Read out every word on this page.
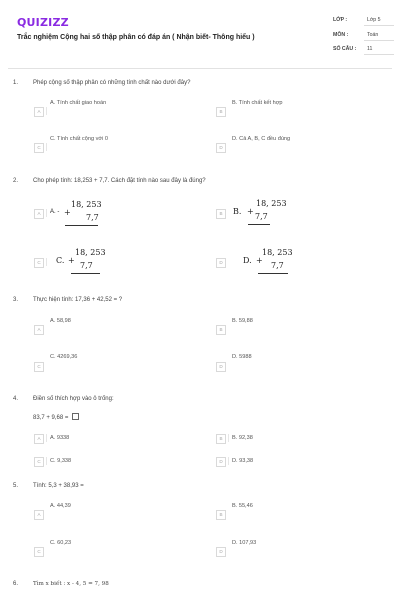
QUIZIZZ
Trắc nghiệm Cộng hai số thập phân có đáp án ( Nhận biết- Thông hiểu )
LỚP :	Lớp 5
MÔN :	Toán
SỐ CÂU :	11
1. Phép cộng số thập phân có những tính chất nào dưới đây?
A
A. Tính chất giao hoán
B
B. Tính chất kết hợp
C
C. Tính chất cộng với 0
D
D. Cả A, B, C đều đúng
2. Cho phép tính: 18,253 + 7,7. Cách đặt tính nào sau đây là đúng?
A	A. - +
18, 253
7,7	B	B. +
18, 253
7,7
C	C. +
18, 253
7,7	D	D. +
18, 253
7,7
3. Thực hiện tính: 17,36 + 42,52 = ?
A
A. 58,98
B
B. 59,88
C
C. 4269,36
D
D. 5988
4. Điền số thích hợp vào ô trống:
83,7 + 9,68 =
A	A. 9338	B	B. 92,38
C	C. 9,338	D	D. 93,38
5. Tính: 5,3 + 38,93 =
A
A. 44,39
B
B. 55,46
C
C. 60,23
D
D. 107,93
6.	Tìm x biết : x - 4, 5 = 7, 98
